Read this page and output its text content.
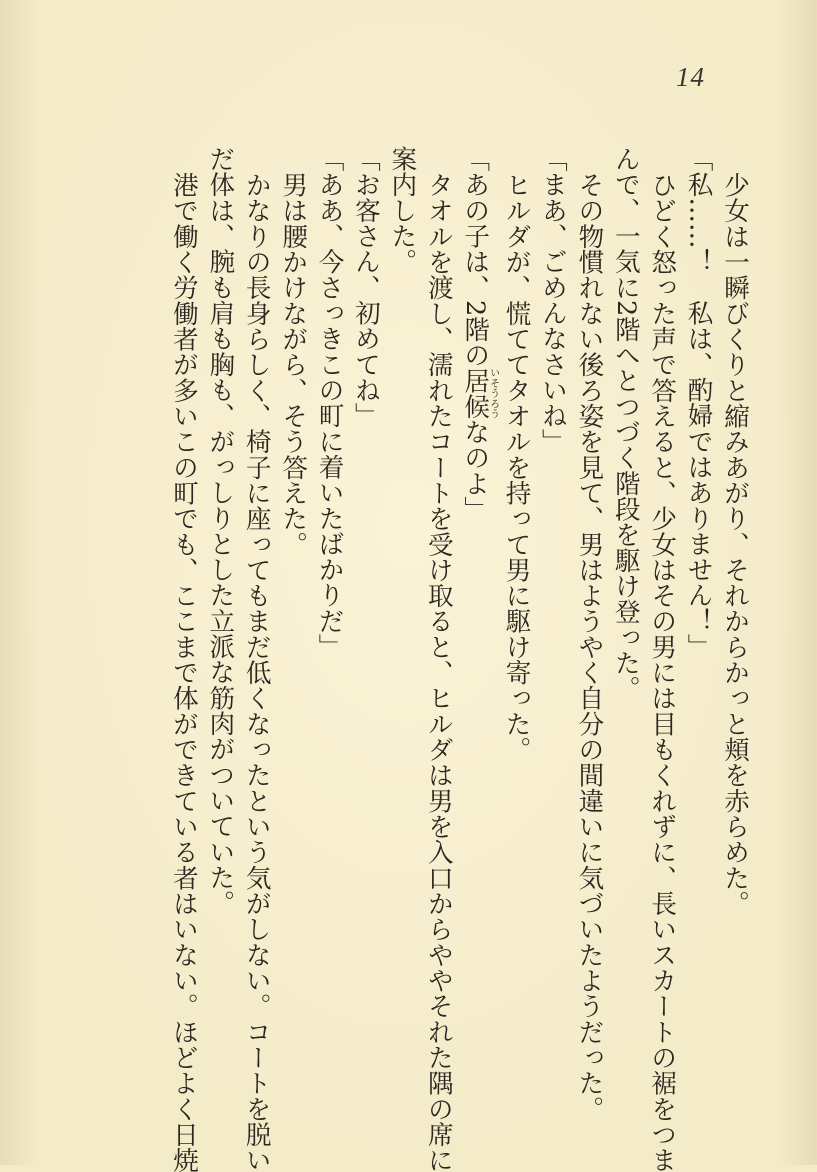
14
少女は一瞬びくりと縮みあがり、それからかっと頬を赤らめた。
「私……！　私は、酌婦ではありません！」
ひどく怒った声で答えると、少女はその男には目もくれずに、長いスカートの裾をつま
んで、一気に2階へとつづく階段を駆け登った。
その物慣れない後ろ姿を見て、男はようやく自分の間違いに気づいたようだった。
「まあ、ごめんなさいね」
ヒルダが、慌ててタオルを持って男に駆け寄った。
「あの子は、2階の居候いそうろうなのよ」
タオルを渡し、濡れたコートを受け取ると、ヒルダは男を入口からややそれた隅の席に
案内した。
「お客さん、初めてね」
「ああ、今さっきこの町に着いたばかりだ」
男は腰かけながら、そう答えた。
かなりの長身らしく、椅子に座ってもまだ低くなったという気がしない。コートを脱い
だ体は、腕も肩も胸も、がっしりとした立派な筋肉がついていた。
港で働く労働者が多いこの町でも、ここまで体ができている者はいない。ほどよく日焼
